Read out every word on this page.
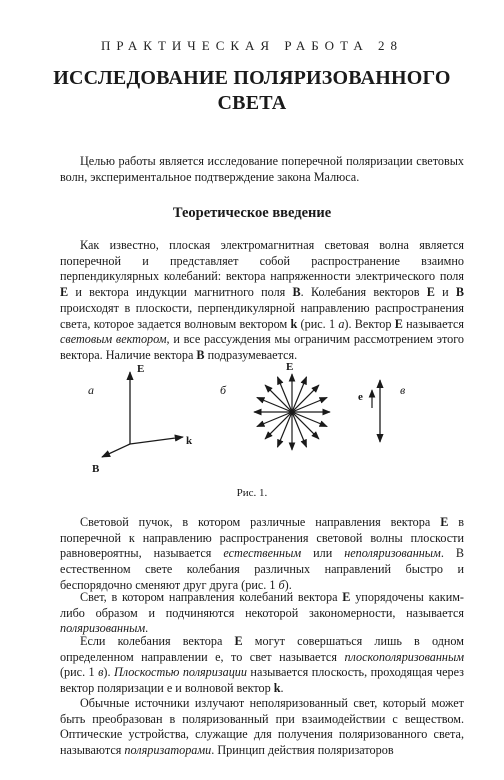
ПРАКТИЧЕСКАЯ РАБОТА 28
ИССЛЕДОВАНИЕ ПОЛЯРИЗОВАННОГО
СВЕТА

Целью работы является исследование поперечной поляризации световых волн, экспериментальное подтверждение закона Малюса.

Теоретическое введение

Как известно, плоская электромагнитная световая волна является поперечной и представляет собой распространение взаимно перпендикулярных колебаний: вектора напряженности электрического поля E и вектора индукции магнитного поля B. Колебания векторов E и B происходят в плоскости, перпендикулярной направлению распространения света, которое задается волновым вектором k (рис. 1 а). Вектор E называется световым вектором, и все рассуждения мы ограничим рассмотрением этого вектора. Наличие вектора B подразумевается.

а
E
k
B
б
E
e	в
Рис. 1.

Световой пучок, в котором различные направления вектора E в поперечной к направлению распространения световой волны плоскости равновероятны, называется естественным или неполяризованным. В естественном свете колебания различных направлений быстро и беспорядочно сменяют друг друга (рис. 1 б).

Свет, в котором направления колебаний вектора E упорядочены каким-либо образом и подчиняются некоторой закономерности, называется поляризованным.

Если колебания вектора E могут совершаться лишь в одном определенном направлении e, то свет называется плоскополяризованным (рис. 1 в). Плоскостью поляризации называется плоскость, проходящая через вектор поляризации e и волновой вектор k.

Обычные источники излучают неполяризованный свет, который может быть преобразован в поляризованный при взаимодействии с веществом. Оптические устройства, служащие для получения поляризованного света, называются поляризаторами. Принцип действия поляризаторов
